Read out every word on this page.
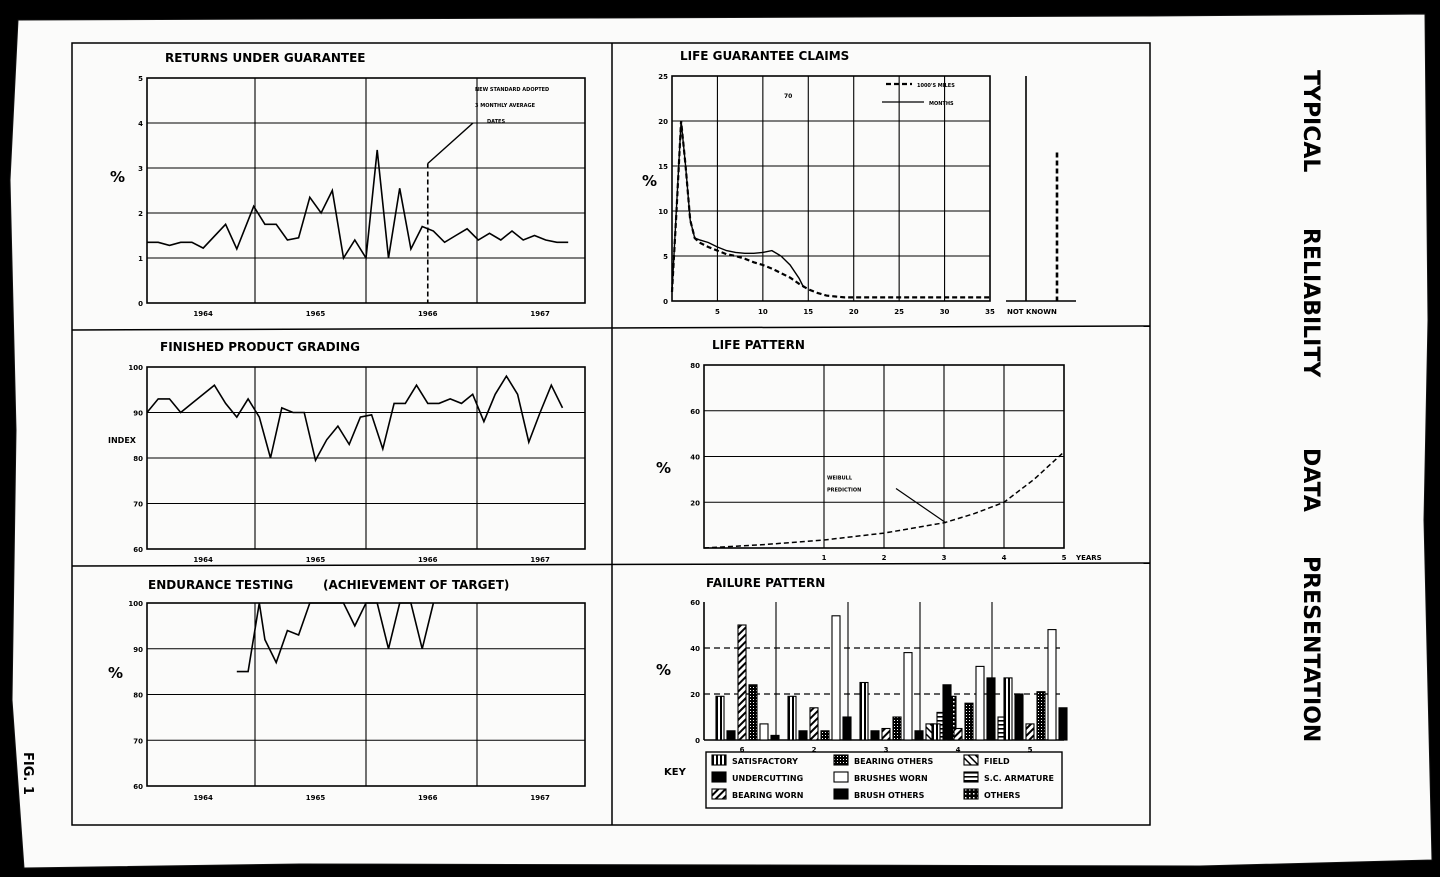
RETURNS UNDER GUARANTEE
%
0
1
2
3
4
5
1964	1965	1966	1967
NEW STANDARD ADOPTED
3 MONTHLY AVERAGE
DATES
LIFE GUARANTEE CLAIMS
%
0
5
10
15
20
25
5	10	15	20	25	30	35
1000'S MILES
MONTHS
70
NOT KNOWN
FINISHED PRODUCT GRADING
INDEX
60
70
80
90
100
1964	1965	1966	1967
LIFE PATTERN
20
40
60
80
%
1	2	3	4	5 YEARS
WEIBULL
PREDICTION
ENDURANCE TESTING (ACHIEVEMENT OF TARGET)
%
60
70
80
90
100
1964	1965	1966	1967
FAILURE PATTERN
0
20
40
60
%
6	2	3	4	5
SATISFACTORY
UNDERCUTTING
BEARING WORN
BEARING OTHERS
BRUSHES WORN
BRUSH OTHERS
FIELD
S.C. ARMATURE
OTHERS
TYPICAL
RELIABILITY
DATA
PRESENTATION
FIG. 1	KEY
